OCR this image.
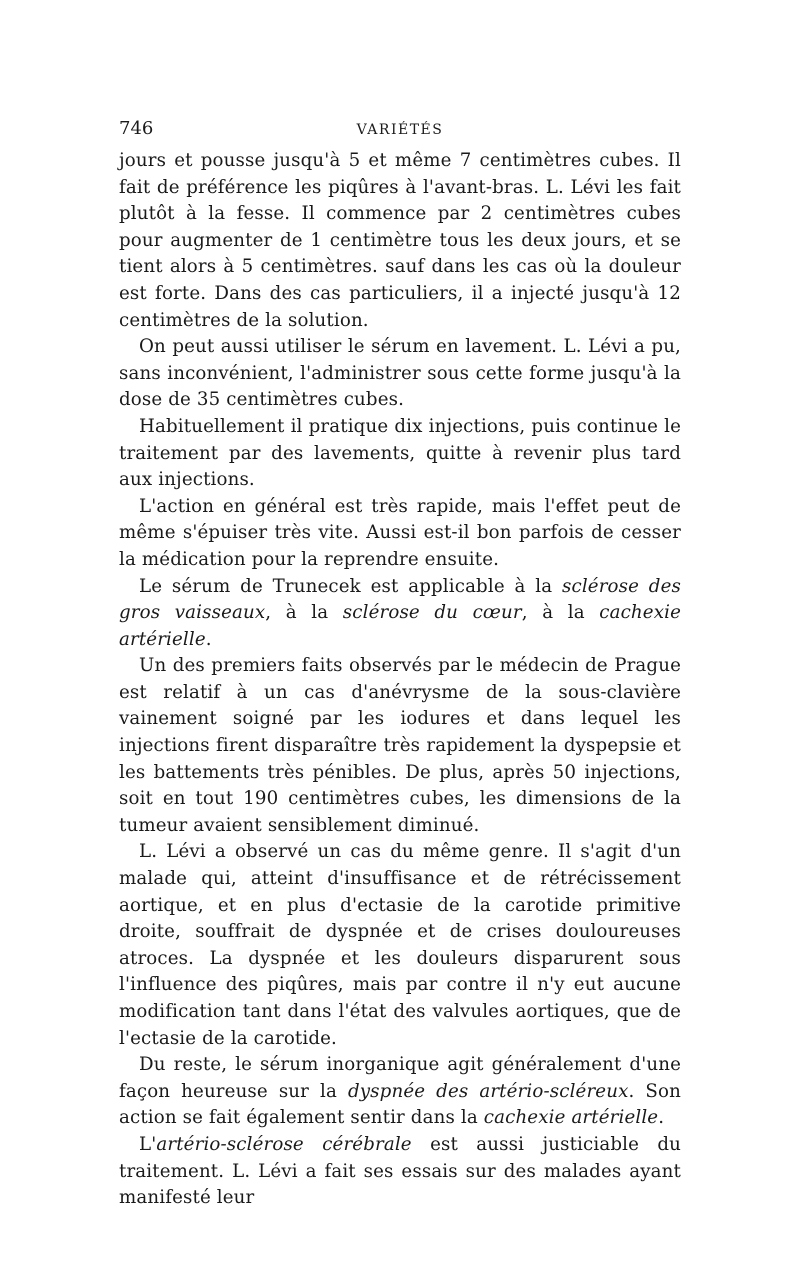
746	VARIÉTÉS

jours et pousse jusqu'à 5 et même 7 centimètres cubes. Il fait de préférence les piqûres à l'avant-bras. L. Lévi les fait plutôt à la fesse. Il commence par 2 centimètres cubes pour augmenter de 1 centimètre tous les deux jours, et se tient alors à 5 centimètres. sauf dans les cas où la douleur est forte. Dans des cas particuliers, il a injecté jusqu'à 12 centimètres de la solution.

On peut aussi utiliser le sérum en lavement. L. Lévi a pu, sans inconvénient, l'administrer sous cette forme jusqu'à la dose de 35 centimètres cubes.

Habituellement il pratique dix injections, puis continue le traitement par des lavements, quitte à revenir plus tard aux injections.

L'action en général est très rapide, mais l'effet peut de même s'épuiser très vite. Aussi est-il bon parfois de cesser la médication pour la reprendre ensuite.

Le sérum de Trunecek est applicable à la sclérose des gros vaisseaux, à la sclérose du cœur, à la cachexie artérielle.

Un des premiers faits observés par le médecin de Prague est relatif à un cas d'anévrysme de la sous-clavière vainement soigné par les iodures et dans lequel les injections firent disparaître très rapidement la dyspepsie et les battements très pénibles. De plus, après 50 injections, soit en tout 190 centimètres cubes, les dimensions de la tumeur avaient sensiblement diminué.

L. Lévi a observé un cas du même genre. Il s'agit d'un malade qui, atteint d'insuffisance et de rétrécissement aortique, et en plus d'ectasie de la carotide primitive droite, souffrait de dyspnée et de crises douloureuses atroces. La dyspnée et les douleurs disparurent sous l'influence des piqûres, mais par contre il n'y eut aucune modification tant dans l'état des valvules aortiques, que de l'ectasie de la carotide.

Du reste, le sérum inorganique agit généralement d'une façon heureuse sur la dyspnée des artério-scléreux. Son action se fait également sentir dans la cachexie artérielle.

L'artério-sclérose cérébrale est aussi justiciable du traitement. L. Lévi a fait ses essais sur des malades ayant manifesté leur
